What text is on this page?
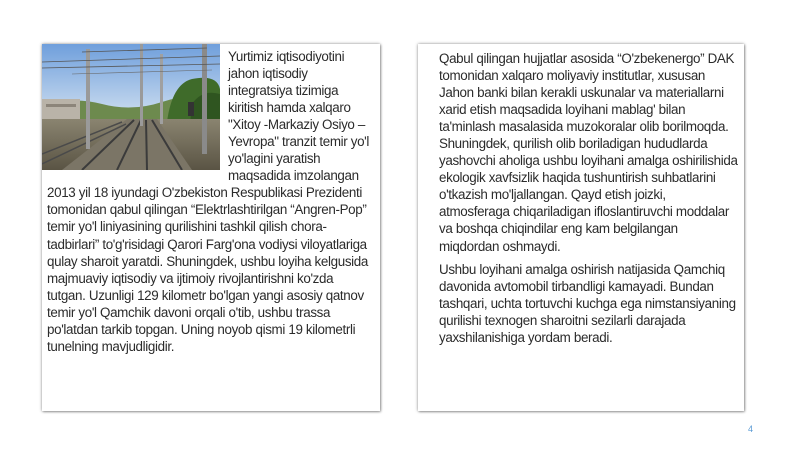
Yurtimiz iqtisodiyotini jahon iqtisodiy integratsiya tizimiga kiritish hamda xalqaro "Xitoy -Markaziy Osiyo – Yevropa" tranzit temir yo'l yo'lagini yaratish maqsadida imzolangan 2013 yil 18 iyundagi O'zbekiston Respublikasi Prezidenti tomonidan qabul qilingan “Elektrlashtirilgan “Angren-Pop” temir yo'l liniyasining qurilishini tashkil qilish chora-tadbirlari” to'g'risidagi Qarori Farg'ona vodiysi viloyatlariga qulay sharoit yaratdi. Shuningdek, ushbu loyiha kelgusida majmuaviy iqtisodiy va ijtimoiy rivojlantirishni ko'zda tutgan. Uzunligi 129 kilometr bo'lgan yangi asosiy qatnov temir yo'l Qamchik davoni orqali o'tib, ushbu trassa po'latdan tarkib topgan. Uning noyob qismi 19 kilometrli tunelning mavjudligidir.

Qabul qilingan hujjatlar asosida “O'zbekenergo” DAK tomonidan xalqaro moliyaviy institutlar, xususan Jahon banki bilan kerakli uskunalar va materiallarni xarid etish maqsadida loyihani mablag' bilan ta'minlash masalasida muzokoralar olib borilmoqda. Shuningdek, qurilish olib boriladigan hududlarda yashovchi aholiga ushbu loyihani amalga oshirilishida ekologik xavfsizlik haqida tushuntirish suhbatlarini o'tkazish mo'ljallangan. Qayd etish joizki, atmosferaga chiqariladigan ifloslantiruvchi moddalar va boshqa chiqindilar eng kam belgilangan miqdordan oshmaydi.

Ushbu loyihani amalga oshirish natijasida Qamchiq davonida avtomobil tirbandligi kamayadi. Bundan tashqari, uchta tortuvchi kuchga ega nimstansiyaning qurilishi texnogen sharoitni sezilarli darajada yaxshilanishiga yordam beradi.

4
